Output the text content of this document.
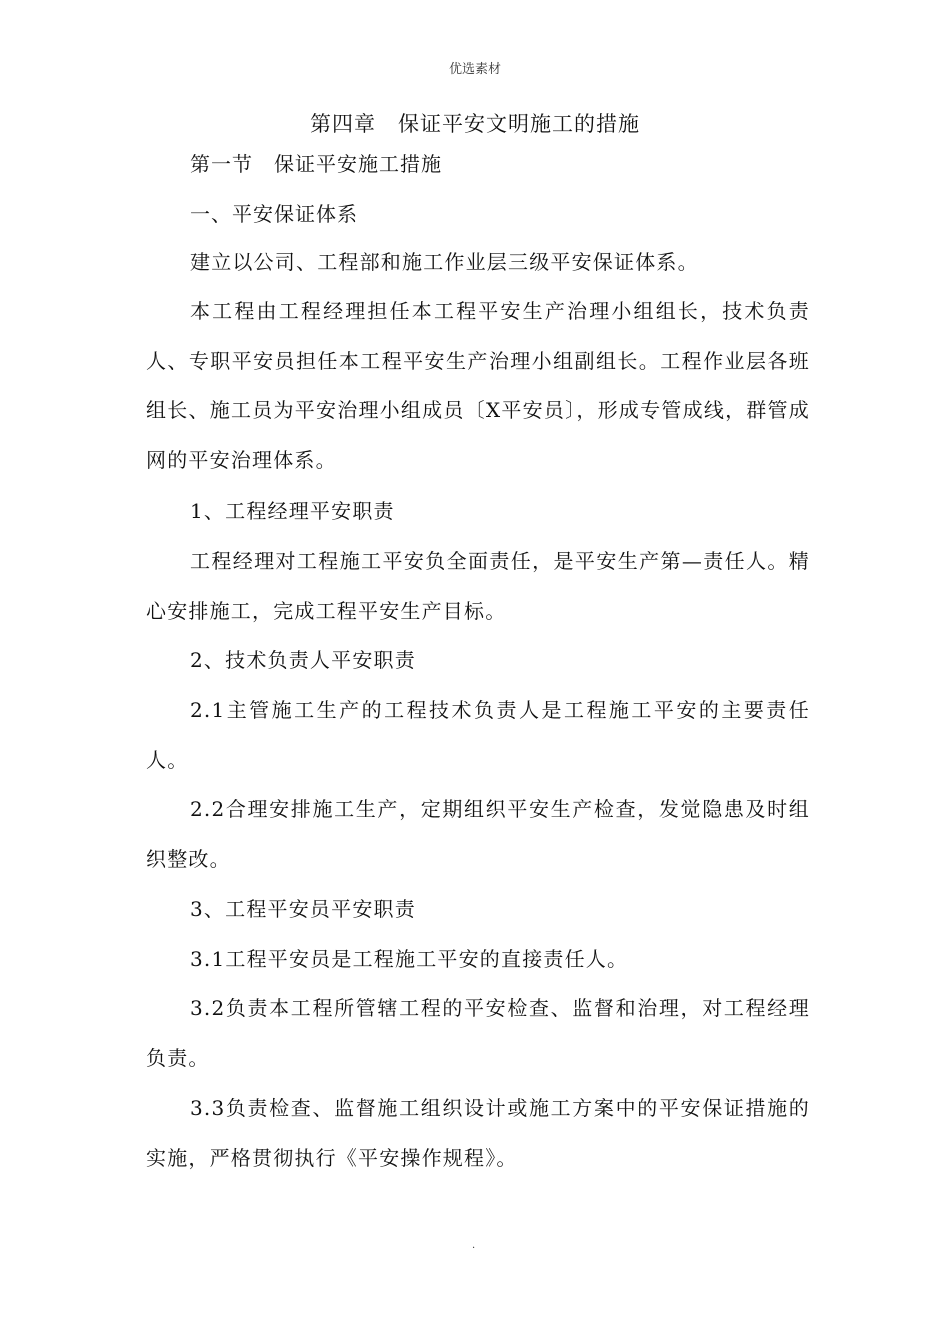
优选素材
第四章　保证平安文明施工的措施
第一节　保证平安施工措施
一、平安保证体系
建立以公司、工程部和施工作业层三级平安保证体系。
本工程由工程经理担任本工程平安生产治理小组组长，技术负责人、专职平安员担任本工程平安生产治理小组副组长。工程作业层各班组长、施工员为平安治理小组成员〔X平安员〕，形成专管成线，群管成网的平安治理体系。
1、工程经理平安职责
工程经理对工程施工平安负全面责任，是平安生产第—责任人。精心安排施工，完成工程平安生产目标。
2、技术负责人平安职责
2.1主管施工生产的工程技术负责人是工程施工平安的主要责任人。
2.2合理安排施工生产，定期组织平安生产检查，发觉隐患及时组织整改。
3、工程平安员平安职责
3.1工程平安员是工程施工平安的直接责任人。
3.2负责本工程所管辖工程的平安检查、监督和治理，对工程经理负责。
3.3负责检查、监督施工组织设计或施工方案中的平安保证措施的实施，严格贯彻执行《平安操作规程》。
.
